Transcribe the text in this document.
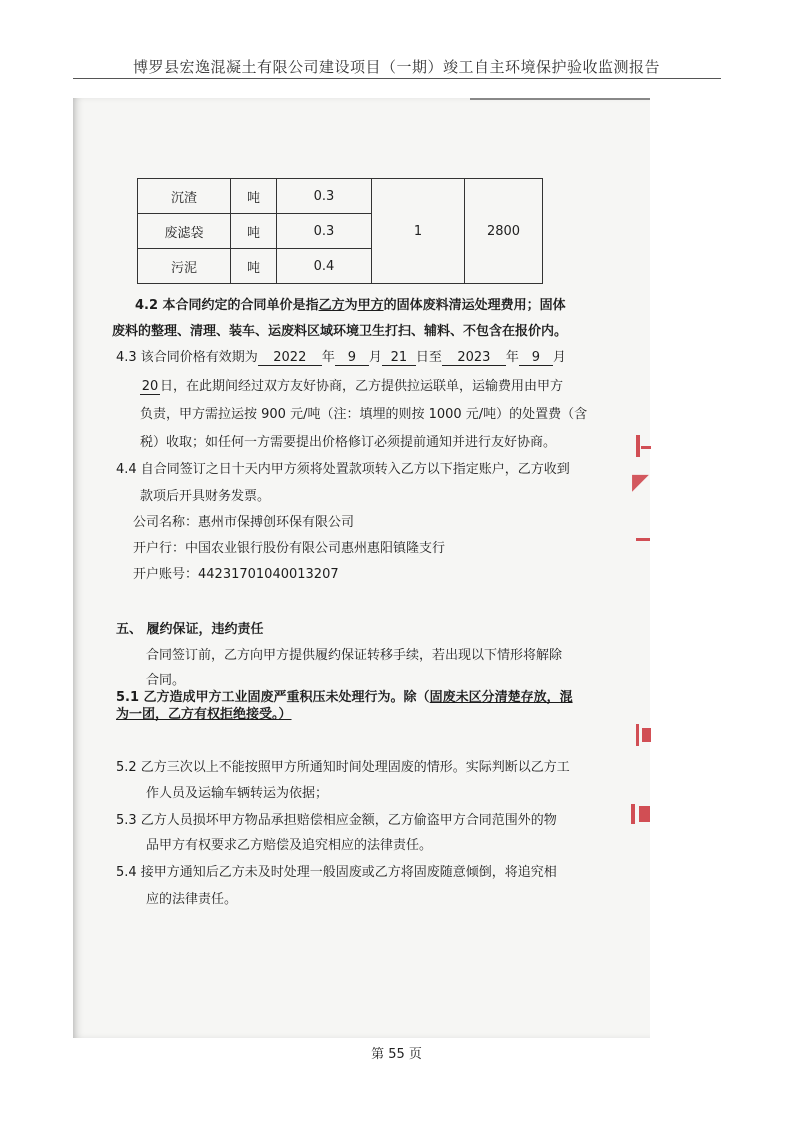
博罗县宏逸混凝土有限公司建设项目（一期）竣工自主环境保护验收监测报告
沉渣	吨	0.3	1	2800
废滤袋	吨	0.3		
污泥	吨	0.4		
4.2 本合同约定的合同单价是指乙方为甲方的固体废料清运处理费用；固体
废料的整理、清理、装车、运废料区域环境卫生打扫、辅料、不包含在报价内。
4.3 该合同价格有效期为 2022 年 9 月 21 日至 2023 年 9 月
20 日，在此期间经过双方友好协商，乙方提供拉运联单，运输费用由甲方
负责，甲方需拉运按 900 元/吨（注：填埋的则按 1000 元/吨）的处置费（含
税）收取；如任何一方需要提出价格修订必须提前通知并进行友好协商。
4.4 自合同签订之日十天内甲方须将处置款项转入乙方以下指定账户，乙方收到
款项后开具财务发票。
公司名称：惠州市保搏创环保有限公司
开户行：中国农业银行股份有限公司惠州惠阳镇隆支行
开户账号：44231701040013207
五、 履约保证，违约责任
合同签订前，乙方向甲方提供履约保证转移手续，若出现以下情形将解除
合同。
5.1 乙方造成甲方工业固废严重积压未处理行为。除（固废未区分清楚存放，混
为一团，乙方有权拒绝接受。）
5.2 乙方三次以上不能按照甲方所通知时间处理固废的情形。实际判断以乙方工
作人员及运输车辆转运为依据；
5.3 乙方人员损坏甲方物品承担赔偿相应金额，乙方偷盗甲方合同范围外的物
品甲方有权要求乙方赔偿及追究相应的法律责任。
5.4 接甲方通知后乙方未及时处理一般固废或乙方将固废随意倾倒，将追究相
应的法律责任。
◤
第 55 页
